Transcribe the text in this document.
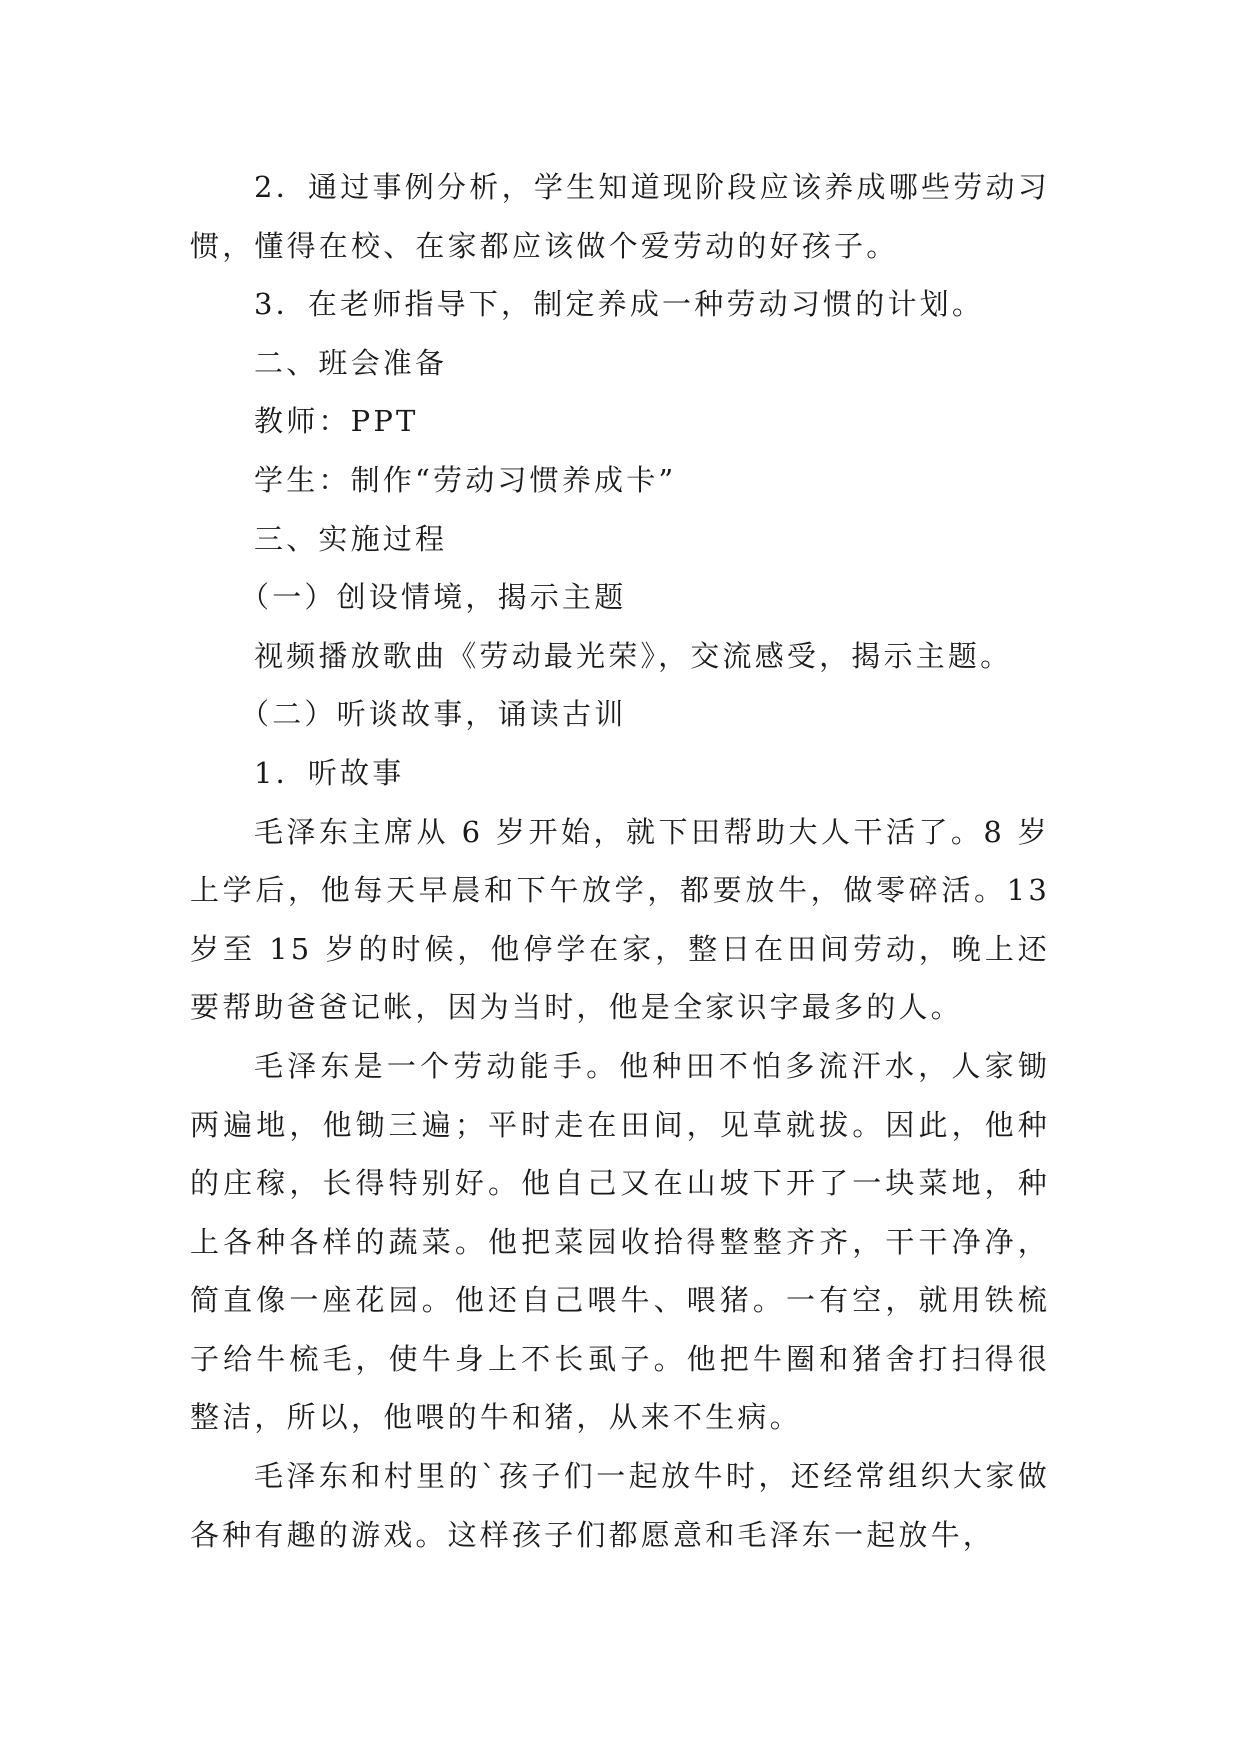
2．通过事例分析，学生知道现阶段应该养成哪些劳动习惯，懂得在校、在家都应该做个爱劳动的好孩子。

3．在老师指导下，制定养成一种劳动习惯的计划。

二、班会准备

教师：PPT

学生：制作“劳动习惯养成卡”

三、实施过程

（一）创设情境，揭示主题

视频播放歌曲《劳动最光荣》，交流感受，揭示主题。

（二）听谈故事，诵读古训

1．听故事

毛泽东主席从 6 岁开始，就下田帮助大人干活了。8 岁上学后，他每天早晨和下午放学，都要放牛，做零碎活。13 岁至 15 岁的时候，他停学在家，整日在田间劳动，晚上还要帮助爸爸记帐，因为当时，他是全家识字最多的人。

毛泽东是一个劳动能手。他种田不怕多流汗水，人家锄两遍地，他锄三遍；平时走在田间，见草就拔。因此，他种的庄稼，长得特别好。他自己又在山坡下开了一块菜地，种上各种各样的蔬菜。他把菜园收拾得整整齐齐，干干净净，简直像一座花园。他还自己喂牛、喂猪。一有空，就用铁梳子给牛梳毛，使牛身上不长虱子。他把牛圈和猪舍打扫得很整洁，所以，他喂的牛和猪，从来不生病。

毛泽东和村里的`孩子们一起放牛时，还经常组织大家做各种有趣的游戏。这样孩子们都愿意和毛泽东一起放牛，
